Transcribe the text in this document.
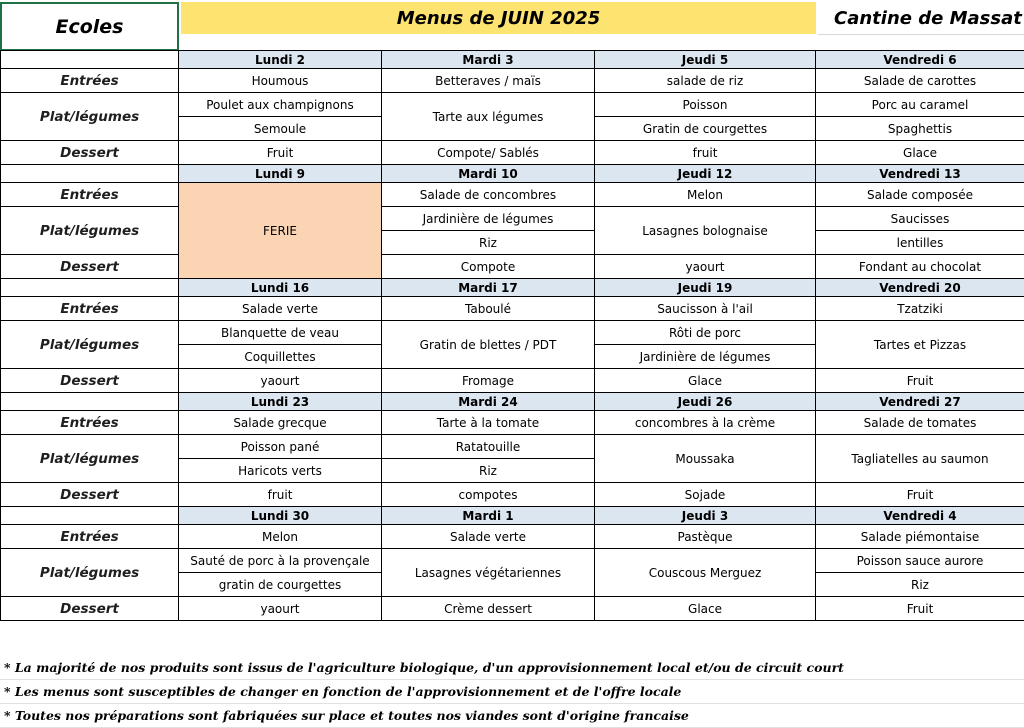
Ecoles	Menus de JUIN 2025	Cantine de Massat
	Lundi 2	Mardi 3	Jeudi 5	Vendredi 6
Entrées	Houmous	Betteraves / maïs	salade de riz	Salade de carottes
Plat/légumes	Poulet aux champignons	Tarte aux légumes	Poisson	Porc au caramel
	Semoule		Gratin de courgettes	Spaghettis
Dessert	Fruit	Compote/ Sablés	fruit	Glace
	Lundi 9	Mardi 10	Jeudi 12	Vendredi 13
Entrées	FERIE	Salade de concombres	Melon	Salade composée
Plat/légumes		Jardinière de légumes	Lasagnes bolognaise	Saucisses
		Riz		lentilles
Dessert		Compote	yaourt	Fondant au chocolat
	Lundi 16	Mardi 17	Jeudi 19	Vendredi 20
Entrées	Salade verte	Taboulé	Saucisson à l'ail	Tzatziki
Plat/légumes	Blanquette de veau	Gratin de blettes / PDT	Rôti de porc	Tartes et Pizzas
	Coquillettes		Jardinière de légumes	
Dessert	yaourt	Fromage	Glace	Fruit
	Lundi 23	Mardi 24	Jeudi 26	Vendredi 27
Entrées	Salade grecque	Tarte à la tomate	concombres à la crème	Salade de tomates
Plat/légumes	Poisson pané	Ratatouille	Moussaka	Tagliatelles au saumon
	Haricots verts	Riz		
Dessert	fruit	compotes	Sojade	Fruit
	Lundi 30	Mardi 1	Jeudi 3	Vendredi 4
Entrées	Melon	Salade verte	Pastèque	Salade piémontaise
Plat/légumes	Sauté de porc à la provençale	Lasagnes végétariennes	Couscous Merguez	Poisson sauce aurore
	gratin de courgettes			Riz
Dessert	yaourt	Crème dessert	Glace	Fruit
* La majorité de nos produits sont issus de l'agriculture biologique, d'un approvisionnement local et/ou de circuit court
* Les menus sont susceptibles de changer en fonction de l'approvisionnement et de l'offre locale
* Toutes nos préparations sont fabriquées sur place et toutes nos viandes sont d'origine francaise
